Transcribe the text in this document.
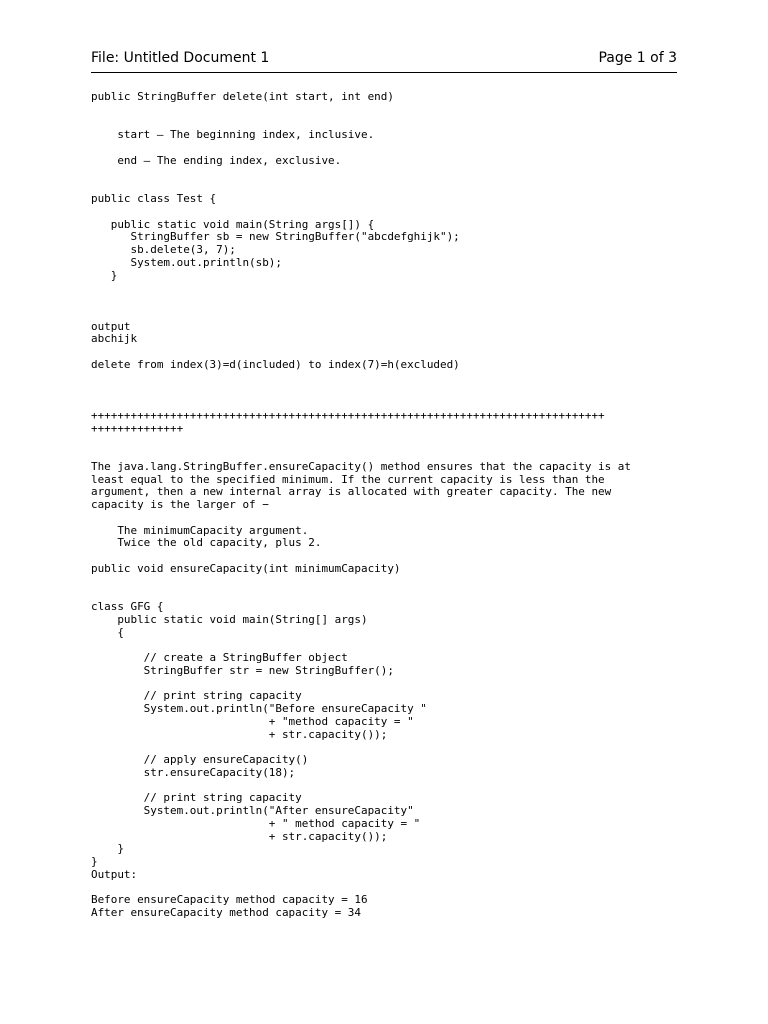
File: Untitled Document 1	Page 1 of 3
public StringBuffer delete(int start, int end)

start – The beginning index, inclusive.

end – The ending index, exclusive.

public class Test {

public static void main(String args[]) {
StringBuffer sb = new StringBuffer("abcdefghijk");
sb.delete(3, 7);
System.out.println(sb);
}

output
abchijk

delete from index(3)=d(included) to index(7)=h(excluded)

++++++++++++++++++++++++++++++++++++++++++++++++++++++++++++++++++++++++++++++
++++++++++++++

The java.lang.StringBuffer.ensureCapacity() method ensures that the capacity is at
least equal to the specified minimum. If the current capacity is less than the
argument, then a new internal array is allocated with greater capacity. The new
capacity is the larger of −

The minimumCapacity argument.
Twice the old capacity, plus 2.

public void ensureCapacity(int minimumCapacity)

class GFG {
public static void main(String[] args)
{

// create a StringBuffer object
StringBuffer str = new StringBuffer();

// print string capacity
System.out.println("Before ensureCapacity "
+ "method capacity = "
+ str.capacity());

// apply ensureCapacity()
str.ensureCapacity(18);

// print string capacity
System.out.println("After ensureCapacity"
+ " method capacity = "
+ str.capacity());
}
}
Output:

Before ensureCapacity method capacity = 16
After ensureCapacity method capacity = 34
